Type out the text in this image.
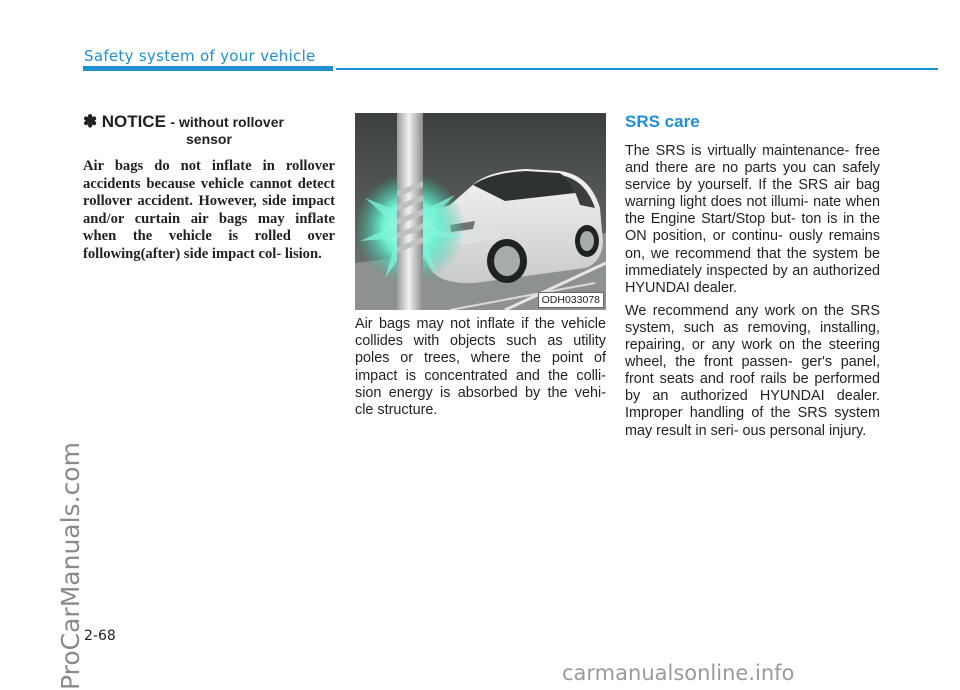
Safety system of your vehicle
ProCarManuals.com
✽ NOTICE - without rollover
sensor
Air bags do not inflate in rollover accidents because vehicle cannot detect rollover accident. However, side impact and/or curtain air bags may inflate when the vehicle is rolled over following(after) side impact col- lision.
ODH033078
Air bags may not inflate if the vehicle collides with objects such as utility poles or trees, where the point of impact is concentrated and the colli- sion energy is absorbed by the vehi- cle structure.
SRS care

The SRS is virtually maintenance- free and there are no parts you can safely service by yourself. If the SRS air bag warning light does not illumi- nate when the Engine Start/Stop but- ton is in the ON position, or continu- ously remains on, we recommend that the system be immediately inspected by an authorized HYUNDAI dealer.

We recommend any work on the SRS system, such as removing, installing, repairing, or any work on the steering wheel, the front passen- ger's panel, front seats and roof rails be performed by an authorized HYUNDAI dealer. Improper handling of the SRS system may result in seri- ous personal injury.

2-68
carmanualsonline.info
